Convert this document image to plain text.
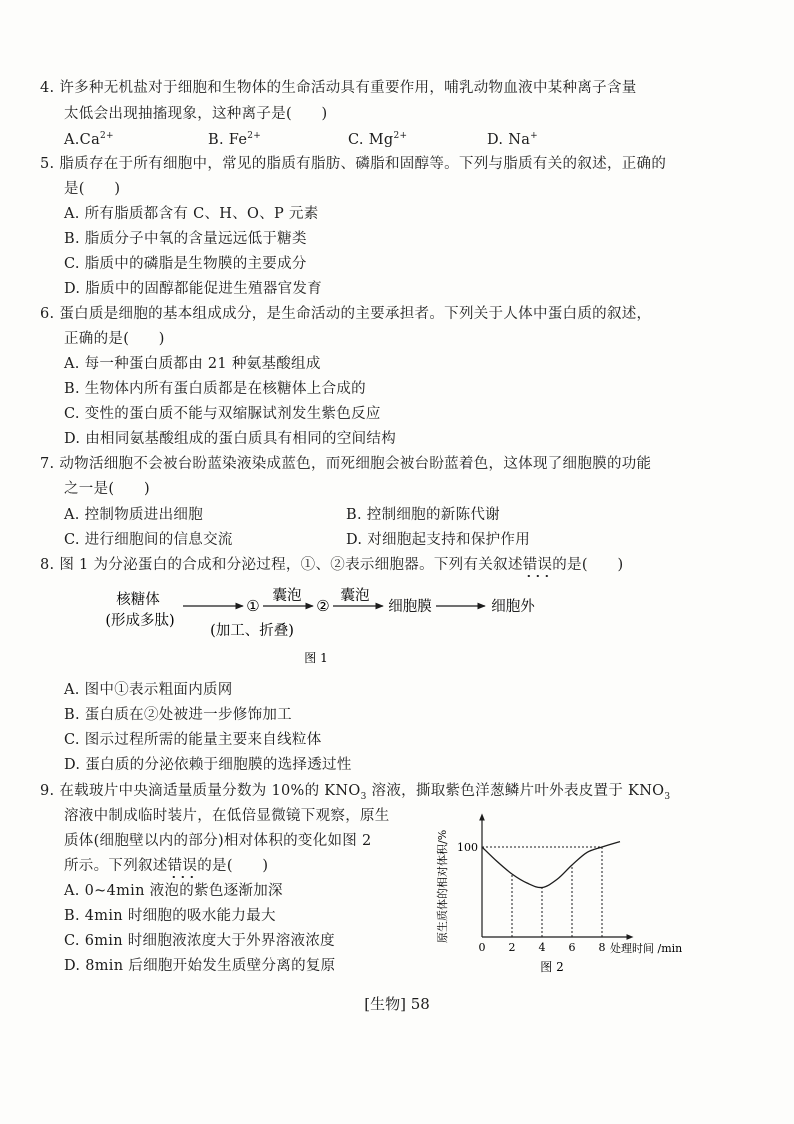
4. 许多种无机盐对于细胞和生物体的生命活动具有重要作用，哺乳动物血液中某种离子含量
太低会出现抽搐现象，这种离子是(　　)
$A.Ca^{2+}$	B. $Fe^{2+}$	C. $Mg^{2+}$	D. Na+
5. 脂质存在于所有细胞中，常见的脂质有脂肪、磷脂和固醇等。下列与脂质有关的叙述，正确的
是(　　)
A. 所有脂质都含有 C、H、O、P 元素
B. 脂质分子中氧的含量远远低于糖类
C. 脂质中的磷脂是生物膜的主要成分
D. 脂质中的固醇都能促进生殖器官发育
6. 蛋白质是细胞的基本组成成分，是生命活动的主要承担者。下列关于人体中蛋白质的叙述，
正确的是(　　)
A. 每一种蛋白质都由 21 种氨基酸组成
B. 生物体内所有蛋白质都是在核糖体上合成的
C. 变性的蛋白质不能与双缩脲试剂发生紫色反应
D. 由相同氨基酸组成的蛋白质具有相同的空间结构
7. 动物活细胞不会被台盼蓝染液染成蓝色，而死细胞会被台盼蓝着色，这体现了细胞膜的功能
之一是(　　)
A. 控制物质进出细胞	B. 控制细胞的新陈代谢
C. 进行细胞间的信息交流	D. 对细胞起支持和保护作用
8. 图 1 为分泌蛋白的合成和分泌过程，①、②表示细胞器。下列有关叙述错误的是(　　)
核糖体
(形成多肽)
①
囊泡
②
(加工、折叠)
囊泡
细胞膜	细胞外
图 1
A. 图中①表示粗面内质网
B. 蛋白质在②处被进一步修饰加工
C. 图示过程所需的能量主要来自线粒体
D. 蛋白质的分泌依赖于细胞膜的选择透过性
9. 在载玻片中央滴适量质量分数为 10%的 $KNO_3$ 溶液，撕取紫色洋葱鳞片叶外表皮置于 $KNO_3$
溶液中制成临时装片，在低倍显微镜下观察，原生
质体(细胞壁以内的部分)相对体积的变化如图 2
所示。下列叙述错误的是(　　)
A. 0~4min 液泡的紫色逐渐加深
B. 4min 时细胞的吸水能力最大
C. 6min 时细胞液浓度大于外界溶液浓度
D. 8min 后细胞开始发生质壁分离的复原
原生质体的相对体积/%
处理时间 /min
图 2
100
0 2 4 6 8
[生物] 58
